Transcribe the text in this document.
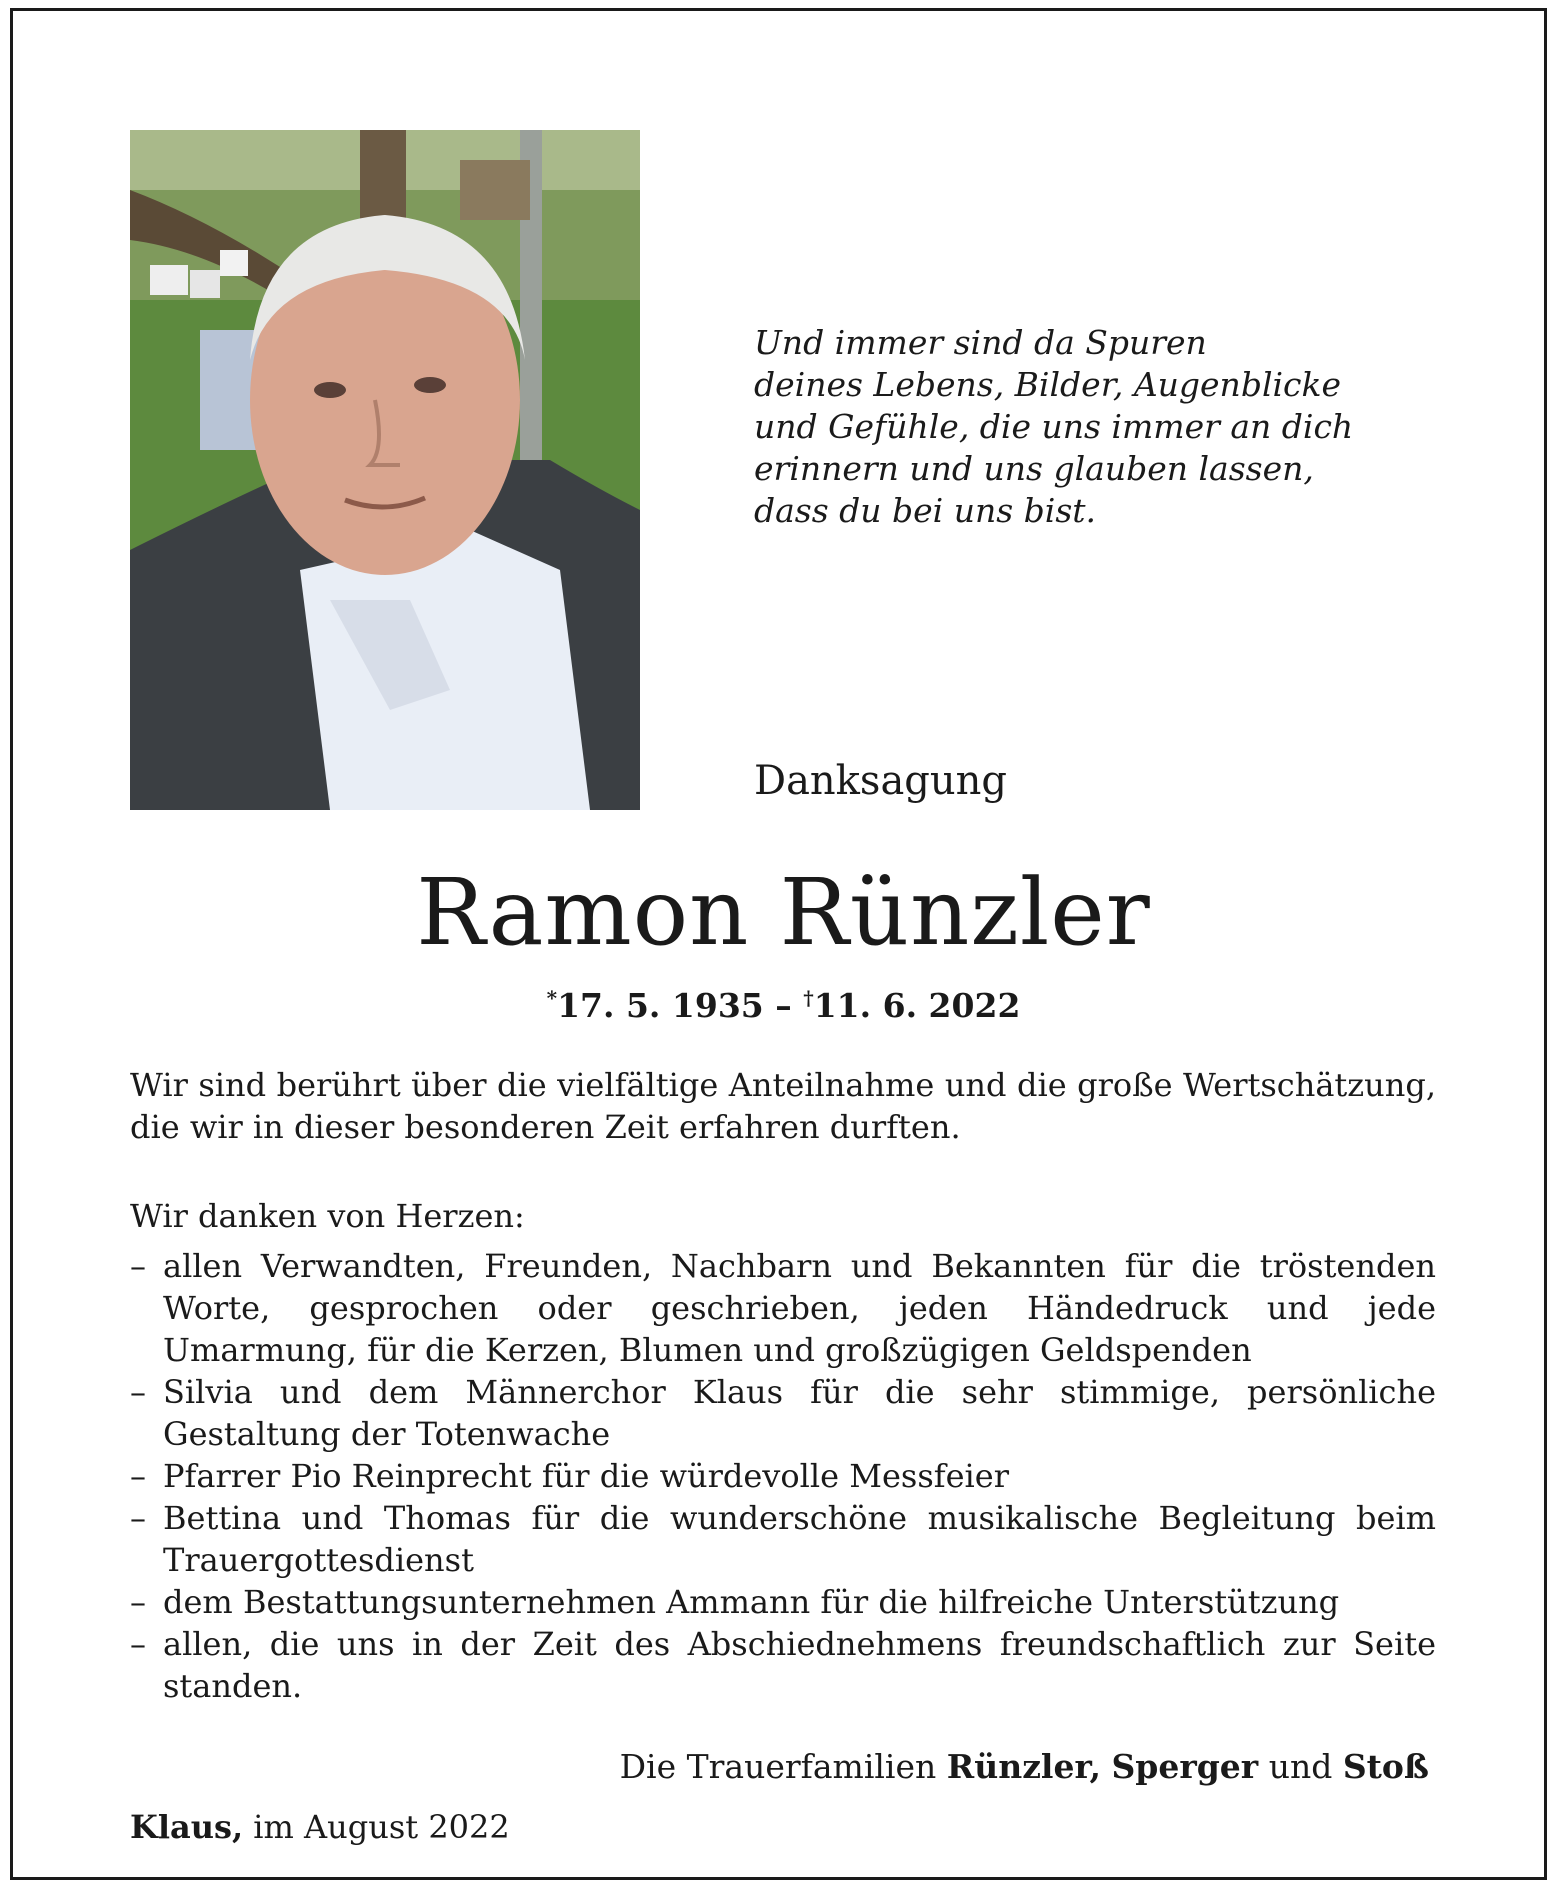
Und immer sind da Spuren
deines Lebens, Bilder, Augenblicke
und Gefühle, die uns immer an dich
erinnern und uns glauben lassen,
dass du bei uns bist.
Danksagung
Ramon Rünzler
*17. 5. 1935 – †11. 6. 2022
Wir sind berührt über die vielfältige Anteilnahme und die große Wertschätzung, die wir in dieser besonderen Zeit erfahren durften.
Wir danken von Herzen:
– allen Verwandten, Freunden, Nachbarn und Bekannten für die tröstenden Worte, gesprochen oder geschrieben, jeden Händedruck und jede Umarmung, für die Kerzen, Blumen und großzügigen Geldspenden
– Silvia und dem Männerchor Klaus für die sehr stimmige, persönliche Gestaltung der Totenwache
– Pfarrer Pio Reinprecht für die würdevolle Messfeier
– Bettina und Thomas für die wunderschöne musikalische Begleitung beim Trauergottesdienst
– dem Bestattungsunternehmen Ammann für die hilfreiche Unterstützung
– allen, die uns in der Zeit des Abschiednehmens freundschaftlich zur Seite standen.
Die Trauerfamilien Rünzler, Sperger und Stoß
Klaus, im August 2022
